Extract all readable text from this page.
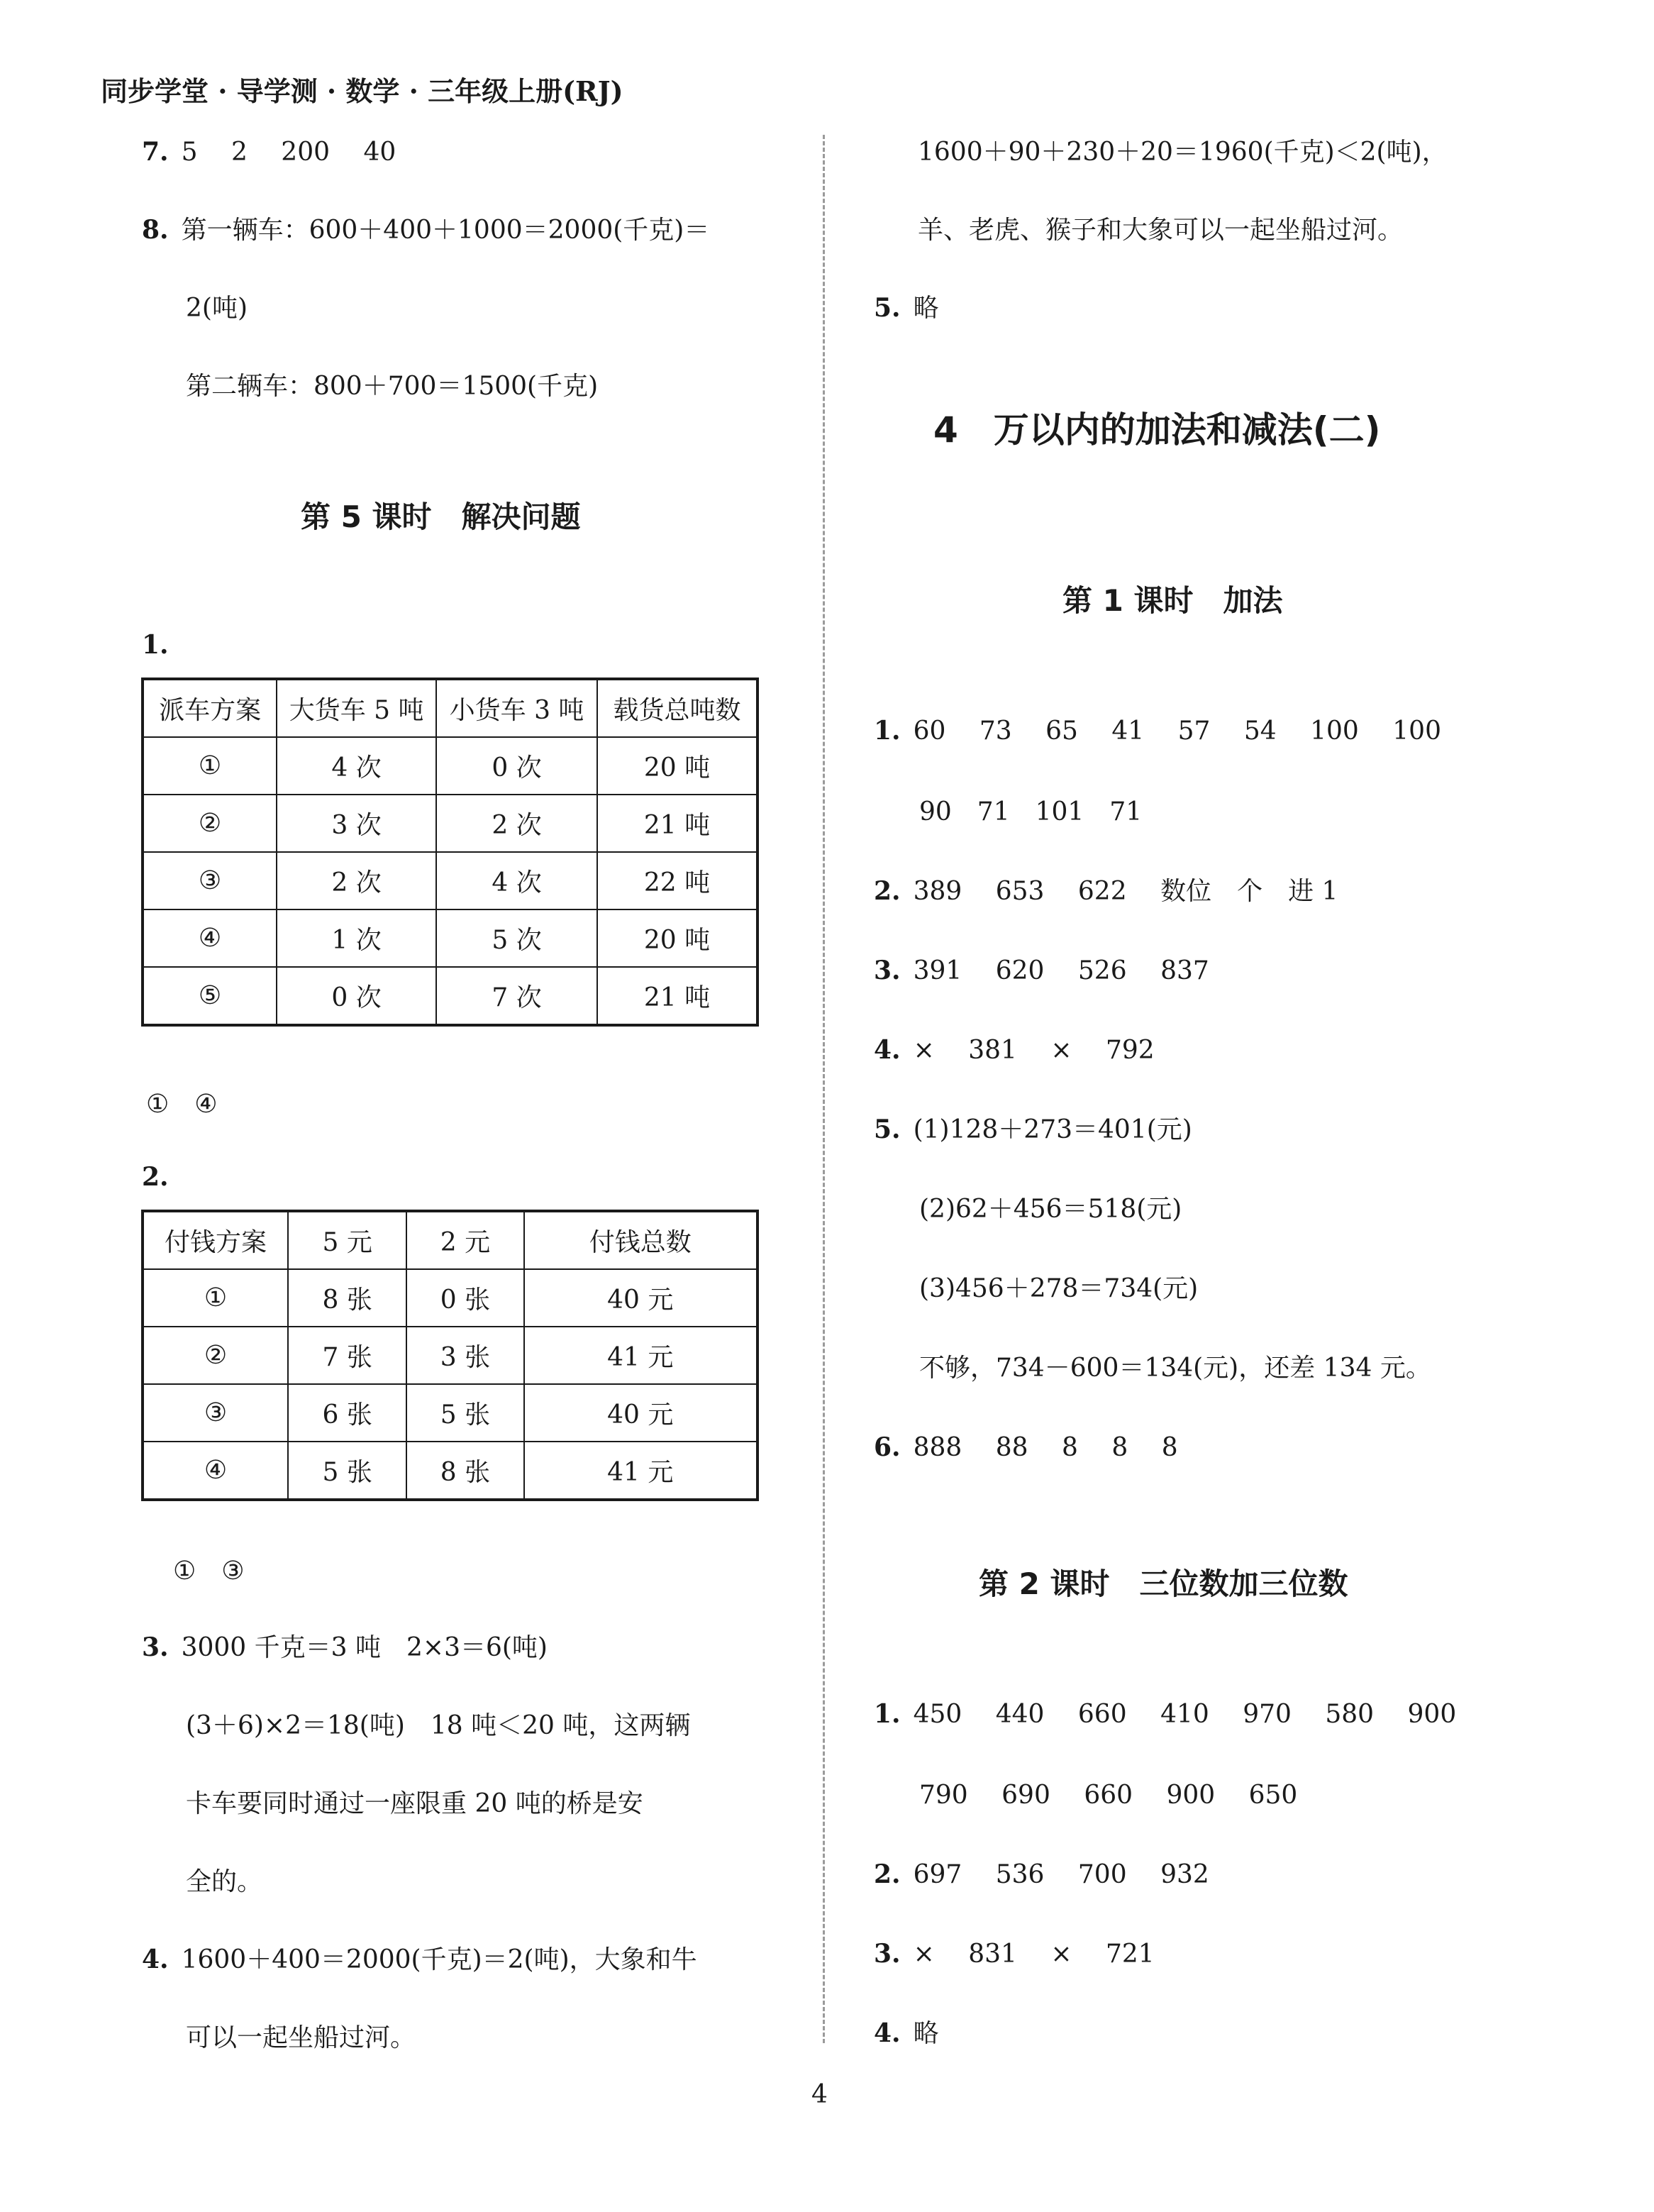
同步学堂 · 导学测 · 数学 · 三年级上册(RJ)
7. 5　 2　 200　 40
8. 第一辆车：600＋400＋1000＝2000(千克)＝
2(吨)
第二辆车：800＋700＝1500(千克)
第 5 课时　解决问题
1.
派车方案	大货车 5 吨	小货车 3 吨	载货总吨数
①	4 次	0 次	20 吨
②	3 次	2 次	21 吨
③	2 次	4 次	22 吨
④	1 次	5 次	20 吨
⑤	0 次	7 次	21 吨
①　④
2.
付钱方案	5 元	2 元	付钱总数
①	8 张	0 张	40 元
②	7 张	3 张	41 元
③	6 张	5 张	40 元
④	5 张	8 张	41 元
①　③
3. 3000 千克＝3 吨　2×3＝6(吨)
(3＋6)×2＝18(吨)　18 吨＜20 吨，这两辆
卡车要同时通过一座限重 20 吨的桥是安
全的。
4. 1600＋400＝2000(千克)＝2(吨)，大象和牛
可以一起坐船过河。
1600＋90＋230＋20＝1960(千克)＜2(吨)，
羊、老虎、猴子和大象可以一起坐船过河。
5. 略
4　万以内的加法和减法(二)
第 1 课时　加法
1. 60　 73　 65　 41　 57　 54　 100　 100
90　71　101　71
2. 389　 653　 622　 数位　个　进 1
3. 391　 620　 526　 837
4. ×　 381　 ×　 792
5. (1)128＋273＝401(元)
(2)62＋456＝518(元)
(3)456＋278＝734(元)
不够，734－600＝134(元)，还差 134 元。
6. 888　 88　 8　 8　 8
第 2 课时　三位数加三位数
1. 450　 440　 660　 410　 970　 580　 900
790　 690　 660　 900　 650
2. 697　 536　 700　 932
3. ×　 831　 ×　 721
4. 略
4
